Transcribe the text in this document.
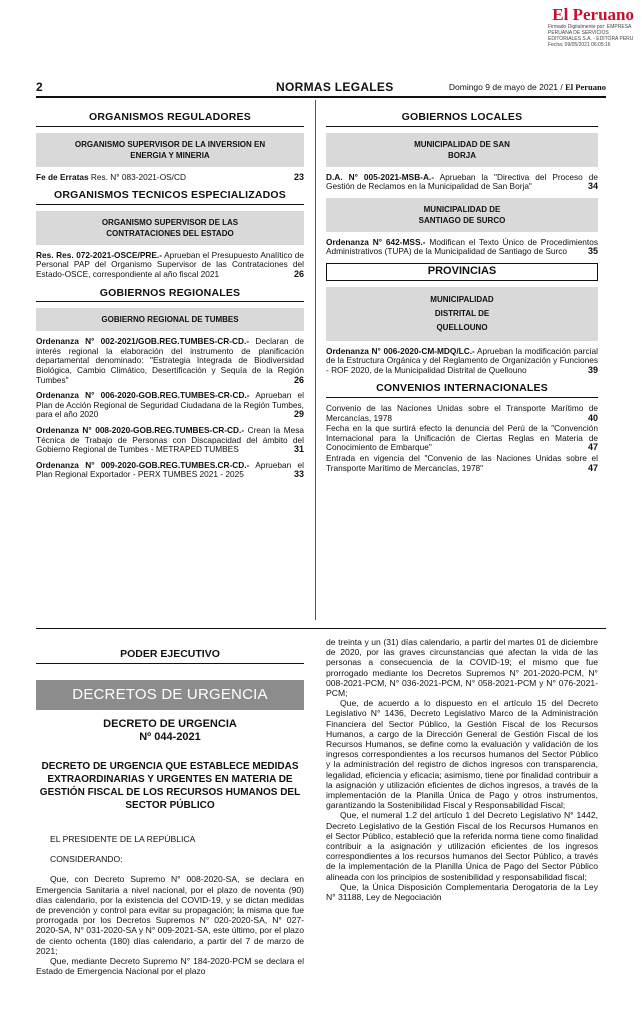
El Peruano
Firmado Digitalmente por: EMPRESA PERUANA DE SERVICIOS EDITORIALES S.A. - EDITORA PERU Fecha: 09/05/2021 06:05:16
2	NORMAS LEGALES	Domingo 9 de mayo de 2021 / El Peruano
ORGANISMOS REGULADORES
ORGANISMO SUPERVISOR DE LA INVERSION EN ENERGIA Y MINERIA
Fe de Erratas Res. N° 083-2021-OS/CD	23
ORGANISMOS TECNICOS ESPECIALIZADOS
ORGANISMO SUPERVISOR DE LAS CONTRATACIONES DEL ESTADO
Res. Res. 072-2021-OSCE/PRE.- Aprueban el Presupuesto Analítico de Personal PAP del Organismo Supervisor de las Contrataciones del Estado-OSCE, correspondiente al año fiscal 2021	26
GOBIERNOS REGIONALES
GOBIERNO REGIONAL DE TUMBES
Ordenanza N° 002-2021/GOB.REG.TUMBES-CR-CD.- Declaran de interés regional la elaboración del instrumento de planificación departamental denominado: "Estrategia Integrada de Biodiversidad Biológica, Cambio Climático, Desertificación y Sequía de la Región Tumbes"	26
Ordenanza N° 006-2020-GOB.REG.TUMBES-CR-CD.- Aprueban el Plan de Acción Regional de Seguridad Ciudadana de la Región Tumbes, para el año 2020	29
Ordenanza N° 008-2020-GOB.REG.TUMBES-CR-CD.- Crean la Mesa Técnica de Trabajo de Personas con Discapacidad del ámbito del Gobierno Regional de Tumbes - METRAPED TUMBES	31
Ordenanza N° 009-2020-GOB.REG.TUMBES.CR-CD.- Aprueban el Plan Regional Exportador - PERX TUMBES 2021 - 2025	33
GOBIERNOS LOCALES
MUNICIPALIDAD DE SAN BORJA
D.A. N° 005-2021-MSB-A.- Aprueban la "Directiva del Proceso de Gestión de Reclamos en la Municipalidad de San Borja"	34
MUNICIPALIDAD DE SANTIAGO DE SURCO
Ordenanza N° 642-MSS.- Modifican el Texto Único de Procedimientos Administrativos (TUPA) de la Municipalidad de Santiago de Surco 35
PROVINCIAS
MUNICIPALIDAD DISTRITAL DE QUELLOUNO
Ordenanza N° 006-2020-CM-MDQ/LC.- Aprueban la modificación parcial de la Estructura Orgánica y del Reglamento de Organización y Funciones - ROF 2020, de la Municipalidad Distrital de Quellouno	39
CONVENIOS INTERNACIONALES
Convenio de las Naciones Unidas sobre el Transporte Marítimo de Mercancías, 1978	40
Fecha en la que surtirá efecto la denuncia del Perú de la "Convención Internacional para la Unificación de Ciertas Reglas en Materia de Conocimiento de Embarque"	47
Entrada en vigencia del "Convenio de las Naciones Unidas sobre el Transporte Marítimo de Mercancías, 1978"	47
PODER EJECUTIVO
DECRETOS DE URGENCIA
DECRETO DE URGENCIA
Nº 044-2021
DECRETO DE URGENCIA QUE ESTABLECE MEDIDAS EXTRAORDINARIAS Y URGENTES EN MATERIA DE GESTIÓN FISCAL DE LOS RECURSOS HUMANOS DEL SECTOR PÚBLICO

EL PRESIDENTE DE LA REPÚBLICA

CONSIDERANDO:

Que, con Decreto Supremo N° 008-2020-SA, se declara en Emergencia Sanitaria a nivel nacional, por el plazo de noventa (90) días calendario, por la existencia del COVID-19, y se dictan medidas de prevención y control para evitar su propagación; la misma que fue prorrogada por los Decretos Supremos N° 020-2020-SA, N° 027-2020-SA, N° 031-2020-SA y N° 009-2021-SA, este último, por el plazo de ciento ochenta (180) días calendario, a partir del 7 de marzo de 2021;

Que, mediante Decreto Supremo N° 184-2020-PCM se declara el Estado de Emergencia Nacional por el plazo

de treinta y un (31) días calendario, a partir del martes 01 de diciembre de 2020, por las graves circunstancias que afectan la vida de las personas a consecuencia de la COVID-19; el mismo que fue prorrogado mediante los Decretos Supremos N° 201-2020-PCM, N° 008-2021-PCM, N° 036-2021-PCM, N° 058-2021-PCM y N° 076-2021-PCM;

Que, de acuerdo a lo dispuesto en el artículo 15 del Decreto Legislativo N° 1436, Decreto Legislativo Marco de la Administración Financiera del Sector Público, la Gestión Fiscal de los Recursos Humanos, a cargo de la Dirección General de Gestión Fiscal de los Recursos Humanos, se define como la evaluación y validación de los ingresos correspondientes a los recursos humanos del Sector Público y la administración del registro de dichos ingresos con transparencia, legalidad, eficiencia y eficacia; asimismo, tiene por finalidad contribuir a la asignación y utilización eficientes de dichos ingresos, a través de la implementación de la Planilla Única de Pago y otros instrumentos, garantizando la Sostenibilidad Fiscal y Responsabilidad Fiscal;

Que, el numeral 1.2 del artículo 1 del Decreto Legislativo N° 1442, Decreto Legislativo de la Gestión Fiscal de los Recursos Humanos en el Sector Público, estableció que la referida norma tiene como finalidad contribuir a la asignación y utilización eficientes de los ingresos correspondientes a los recursos humanos del Sector Público, a través de la implementación de la Planilla Única de Pago del Sector Público alineada con los principios de sostenibilidad y responsabilidad fiscal;

Que, la Única Disposición Complementaria Derogatoria de la Ley N° 31188, Ley de Negociación
